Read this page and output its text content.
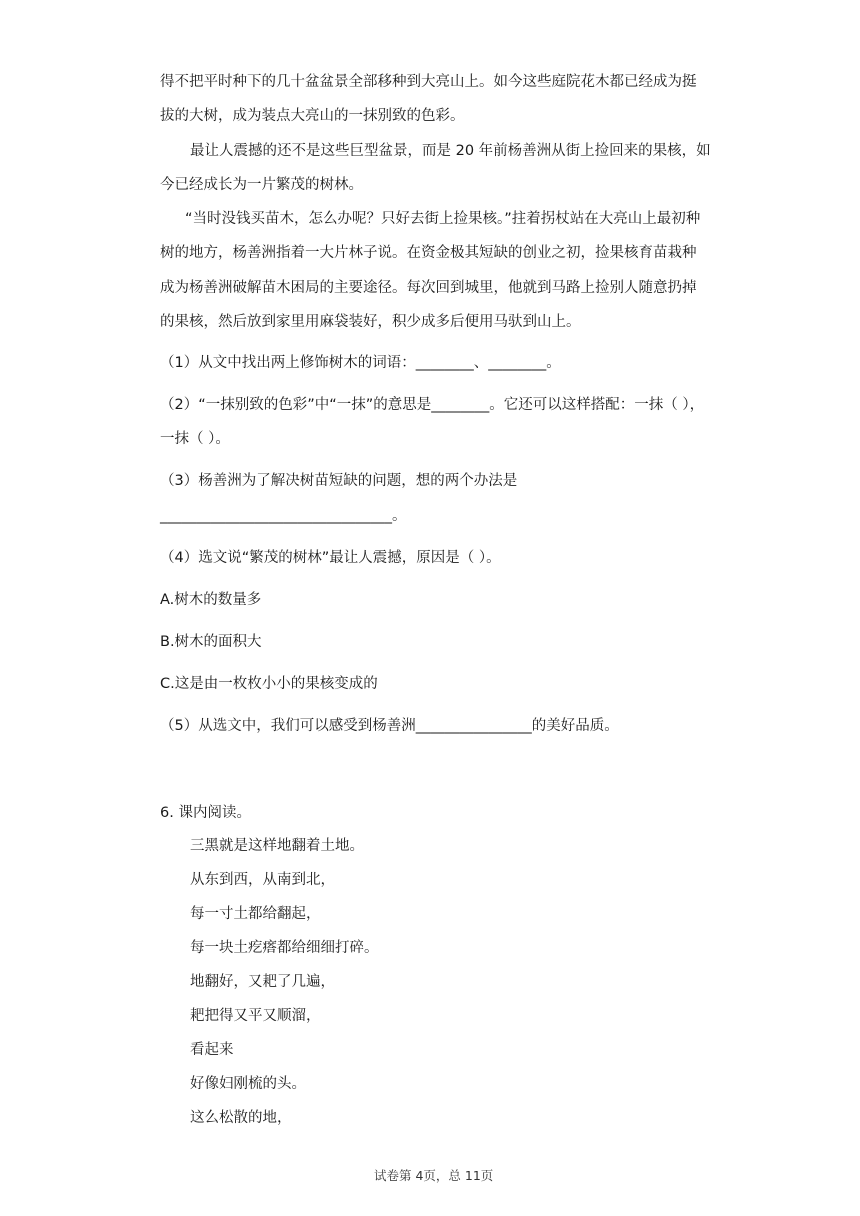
得不把平时种下的几十盆盆景全部移种到大亮山上。如今这些庭院花木都已经成为挺
拔的大树，成为装点大亮山的一抹别致的色彩。
最让人震撼的还不是这些巨型盆景，而是 20 年前杨善洲从街上捡回来的果核，如
今已经成长为一片繁茂的树林。
“当时没钱买苗木，怎么办呢？只好去街上捡果核。”拄着拐杖站在大亮山上最初种
树的地方，杨善洲指着一大片林子说。在资金极其短缺的创业之初，捡果核育苗栽种
成为杨善洲破解苗木困局的主要途径。每次回到城里，他就到马路上捡别人随意扔掉
的果核，然后放到家里用麻袋装好，积少成多后便用马驮到山上。
（1）从文中找出两上修饰树木的词语：________、________。
（2）“一抹别致的色彩”中“一抹”的意思是________。它还可以这样搭配：一抹（ ），
一抹（ ）。
（3）杨善洲为了解决树苗短缺的问题，想的两个办法是
________________________________。
（4）选文说“繁茂的树林”最让人震撼，原因是（ ）。
A.树木的数量多
B.树木的面积大
C.这是由一枚枚小小的果核变成的
（5）从选文中，我们可以感受到杨善洲________________的美好品质。
6. 课内阅读。
三黑就是这样地翻着土地。
从东到西，从南到北，
每一寸土都给翻起，
每一块土疙瘩都给细细打碎。
地翻好，又耙了几遍，
耙把得又平又顺溜，
看起来
好像妇刚梳的头。
这么松散的地，
试卷第 4页，总 11页
